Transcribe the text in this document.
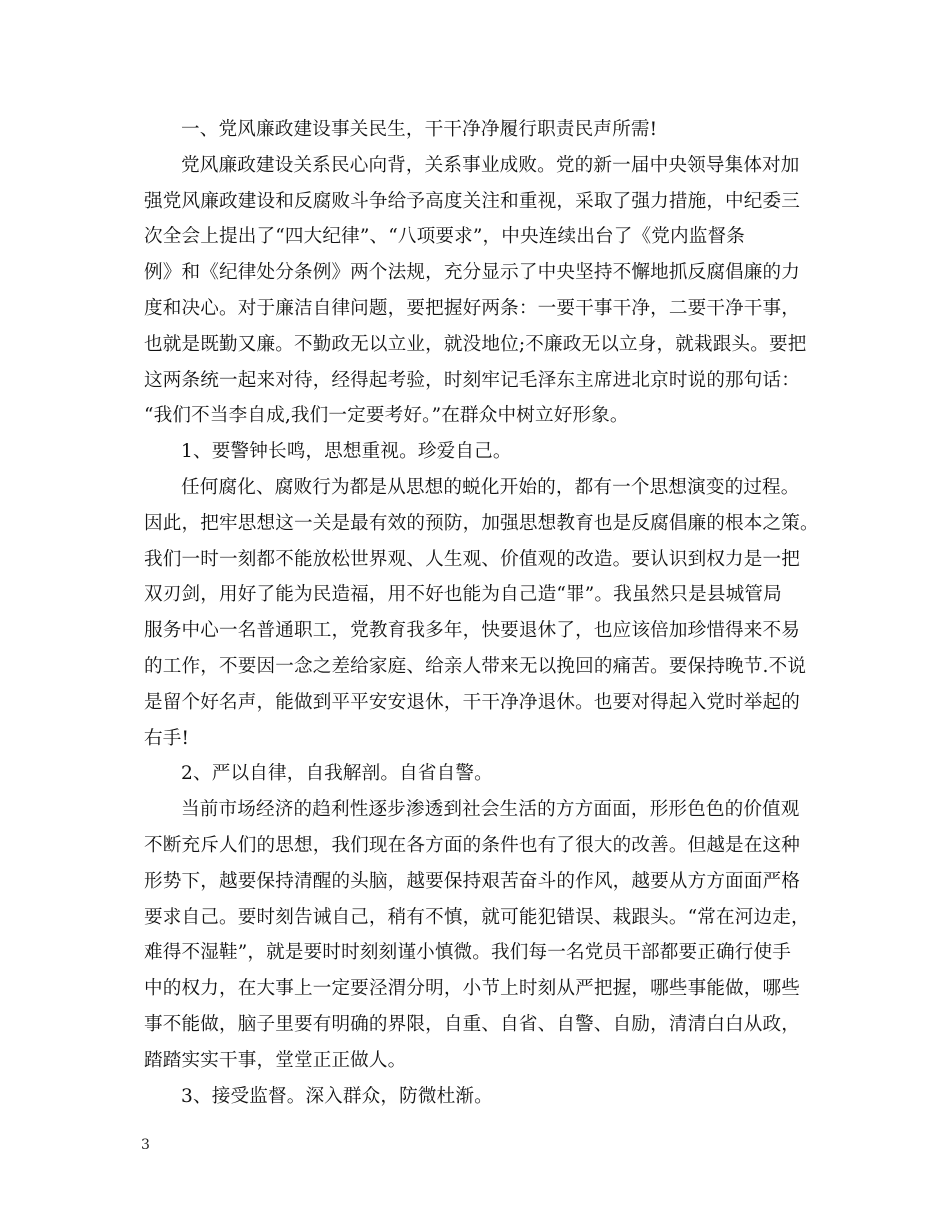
一、党风廉政建设事关民生，干干净净履行职责民声所需!
党风廉政建设关系民心向背，关系事业成败。党的新一届中央领导集体对加
强党风廉政建设和反腐败斗争给予高度关注和重视，采取了强力措施，中纪委三
次全会上提出了“四大纪律”、“八项要求”，中央连续出台了《党内监督条
例》和《纪律处分条例》两个法规，充分显示了中央坚持不懈地抓反腐倡廉的力
度和决心。对于廉洁自律问题，要把握好两条：一要干事干净，二要干净干事，
也就是既勤又廉。不勤政无以立业，就没地位;不廉政无以立身，就栽跟头。要把
这两条统一起来对待，经得起考验，时刻牢记毛泽东主席进北京时说的那句话：
“我们不当李自成,我们一定要考好。”在群众中树立好形象。
1、要警钟长鸣，思想重视。珍爱自己。
任何腐化、腐败行为都是从思想的蜕化开始的，都有一个思想演变的过程。
因此，把牢思想这一关是最有效的预防，加强思想教育也是反腐倡廉的根本之策。
我们一时一刻都不能放松世界观、人生观、价值观的改造。要认识到权力是一把
双刃剑，用好了能为民造福，用不好也能为自己造“罪”。我虽然只是县城管局
服务中心一名普通职工，党教育我多年，快要退休了，也应该倍加珍惜得来不易
的工作，不要因一念之差给家庭、给亲人带来无以挽回的痛苦。要保持晚节.不说
是留个好名声，能做到平平安安退休，干干净净退休。也要对得起入党时举起的
右手!
2、严以自律，自我解剖。自省自警。
当前市场经济的趋利性逐步渗透到社会生活的方方面面，形形色色的价值观
不断充斥人们的思想，我们现在各方面的条件也有了很大的改善。但越是在这种
形势下，越要保持清醒的头脑，越要保持艰苦奋斗的作风，越要从方方面面严格
要求自己。要时刻告诫自己，稍有不慎，就可能犯错误、栽跟头。“常在河边走，
难得不湿鞋”，就是要时时刻刻谨小慎微。我们每一名党员干部都要正确行使手
中的权力，在大事上一定要泾渭分明，小节上时刻从严把握，哪些事能做，哪些
事不能做，脑子里要有明确的界限，自重、自省、自警、自励，清清白白从政，
踏踏实实干事，堂堂正正做人。
3、接受监督。深入群众，防微杜渐。
3
